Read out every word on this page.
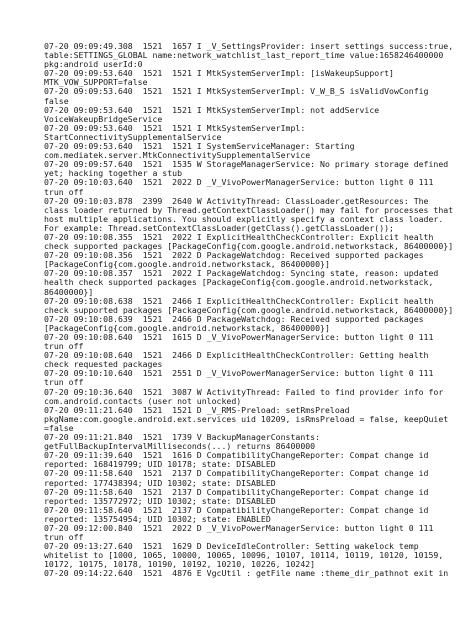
07-20 09:09:49.308  1521  1657 I _V_SettingsProvider: insert settings success:true,
table:SETTINGS_GLOBAL name:network_watchlist_last_report_time value:1658246400000
pkg:android userId:0
07-20 09:09:53.640  1521  1521 I MtkSystemServerImpl: [isWakeupSupport]
MTK_VOW_SUPPORT=false
07-20 09:09:53.640  1521  1521 I MtkSystemServerImpl: V_W_B_S isValidVowConfig
false
07-20 09:09:53.640  1521  1521 I MtkSystemServerImpl: not addService
VoiceWakeupBridgeService
07-20 09:09:53.640  1521  1521 I MtkSystemServerImpl:
StartConnectivitySupplementalService
07-20 09:09:53.640  1521  1521 I SystemServiceManager: Starting
com.mediatek.server.MtkConnectivitySupplementalService
07-20 09:09:57.640  1521  1535 W StorageManagerService: No primary storage defined
yet; hacking together a stub
07-20 09:10:03.640  1521  2022 D _V_VivoPowerManagerService: button light 0 111
trun off
07-20 09:10:03.878  2399  2640 W ActivityThread: ClassLoader.getResources: The
class loader returned by Thread.getContextClassLoader() may fail for processes that
host multiple applications. You should explicitly specify a context class loader.
For example: Thread.setContextClassLoader(getClass().getClassLoader());
07-20 09:10:08.355  1521  2022 I ExplicitHealthCheckController: Explicit health
check supported packages [PackageConfig{com.google.android.networkstack, 86400000}]
07-20 09:10:08.356  1521  2022 D PackageWatchdog: Received supported packages
[PackageConfig{com.google.android.networkstack, 86400000}]
07-20 09:10:08.357  1521  2022 I PackageWatchdog: Syncing state, reason: updated
health check supported packages [PackageConfig{com.google.android.networkstack,
86400000}]
07-20 09:10:08.638  1521  2466 I ExplicitHealthCheckController: Explicit health
check supported packages [PackageConfig{com.google.android.networkstack, 86400000}]
07-20 09:10:08.639  1521  2466 D PackageWatchdog: Received supported packages
[PackageConfig{com.google.android.networkstack, 86400000}]
07-20 09:10:08.640  1521  1615 D _V_VivoPowerManagerService: button light 0 111
trun off
07-20 09:10:08.640  1521  2466 D ExplicitHealthCheckController: Getting health
check requested packages
07-20 09:10:10.640  1521  2551 D _V_VivoPowerManagerService: button light 0 111
trun off
07-20 09:10:36.640  1521  3087 W ActivityThread: Failed to find provider info for
com.android.contacts (user not unlocked)
07-20 09:11:21.640  1521  1521 D _V_RMS-Preload: setRmsPreload
pkgName:com.google.android.ext.services uid 10209, isRmsPreload = false, keepQuiet
=false
07-20 09:11:21.840  1521  1739 V BackupManagerConstants:
getFullBackupIntervalMilliseconds(...) returns 86400000
07-20 09:11:39.640  1521  1616 D CompatibilityChangeReporter: Compat change id
reported: 168419799; UID 10178; state: DISABLED
07-20 09:11:58.640  1521  2137 D CompatibilityChangeReporter: Compat change id
reported: 177438394; UID 10302; state: DISABLED
07-20 09:11:58.640  1521  2137 D CompatibilityChangeReporter: Compat change id
reported: 135772972; UID 10302; state: DISABLED
07-20 09:11:58.640  1521  2137 D CompatibilityChangeReporter: Compat change id
reported: 135754954; UID 10302; state: ENABLED
07-20 09:12:00.840  1521  2022 D _V_VivoPowerManagerService: button light 0 111
trun off
07-20 09:13:27.640  1521  1629 D DeviceIdleController: Setting wakelock temp
whitelist to [1000, 1065, 10000, 10065, 10096, 10107, 10114, 10119, 10120, 10159,
10172, 10175, 10178, 10190, 10192, 10210, 10226, 10242]
07-20 09:14:22.640  1521  4876 E VgcUtil : getFile name :theme_dir_pathnot exit in
